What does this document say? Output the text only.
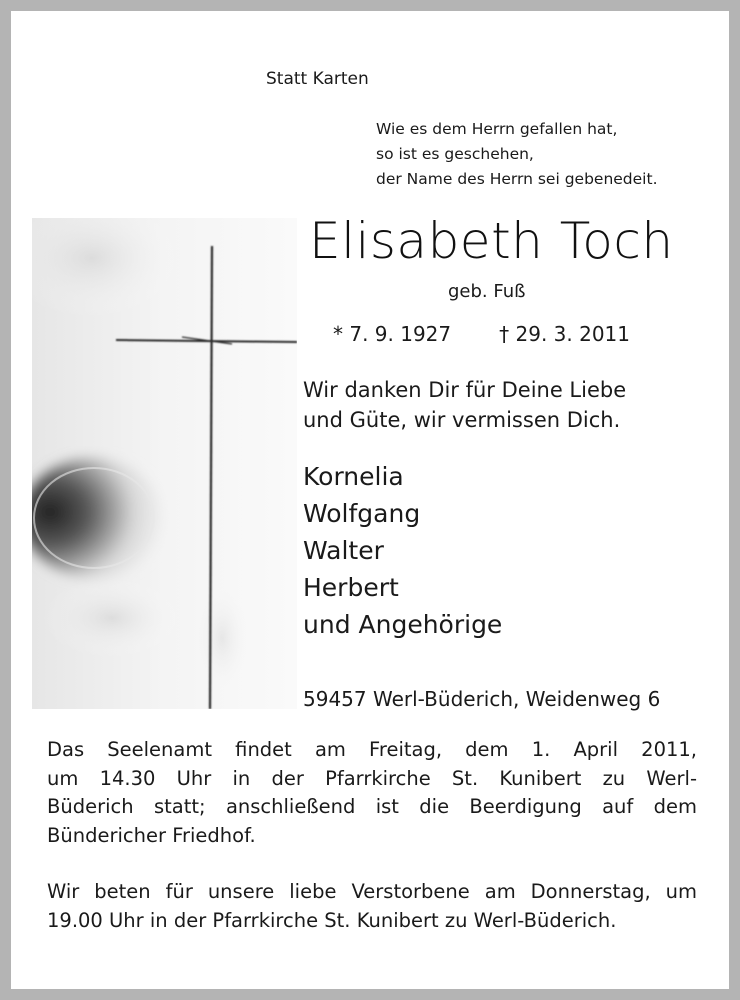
Statt Karten
Wie es dem Herrn gefallen hat,
so ist es geschehen,
der Name des Herrn sei gebenedeit.
Elisabeth Toch
geb. Fuß
* 7. 9. 1927 † 29. 3. 2011
Wir danken Dir für Deine Liebe
und Güte, wir vermissen Dich.
Kornelia
Wolfgang
Walter
Herbert
und Angehörige
59457 Werl-Büderich, Weidenweg 6
Das Seelenamt findet am Freitag, dem 1. April 2011,
um 14.30 Uhr in der Pfarrkirche St. Kunibert zu Werl-
Büderich statt; anschließend ist die Beerdigung auf dem
Bündericher Friedhof.
Wir beten für unsere liebe Verstorbene am Donnerstag, um
19.00 Uhr in der Pfarrkirche St. Kunibert zu Werl-Büderich.
